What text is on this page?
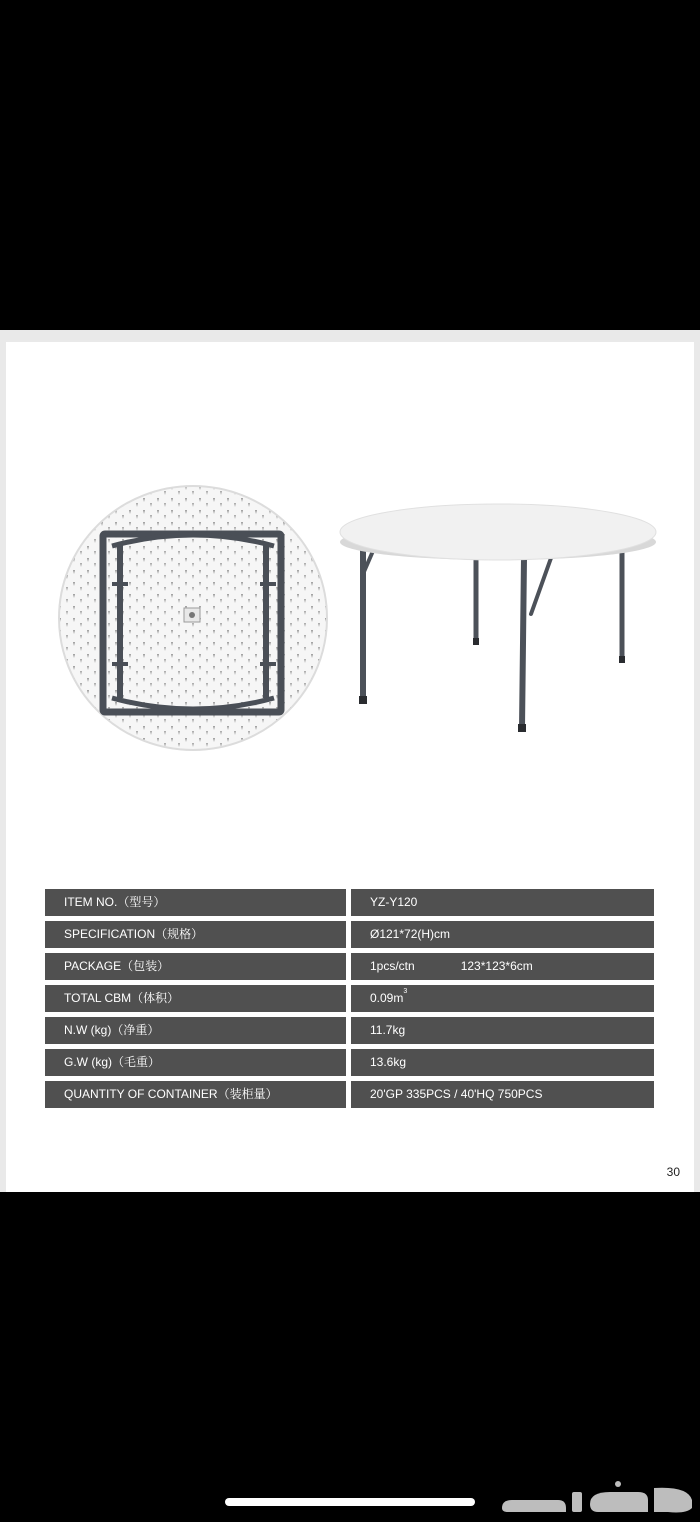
ITEM NO.（型号）	YZ-Y120
SPECIFICATION（规格）	Ø121*72(H)cm
PACKAGE（包装）	1pcs/ctn	123*123*6cm
TOTAL CBM（体积）	$0.09m^3$
N.W (kg)（净重）	11.7kg
G.W (kg)（毛重）	13.6kg
QUANTITY OF CONTAINER（装柜量）	20'GP 335PCS / 40'HQ 750PCS
30
